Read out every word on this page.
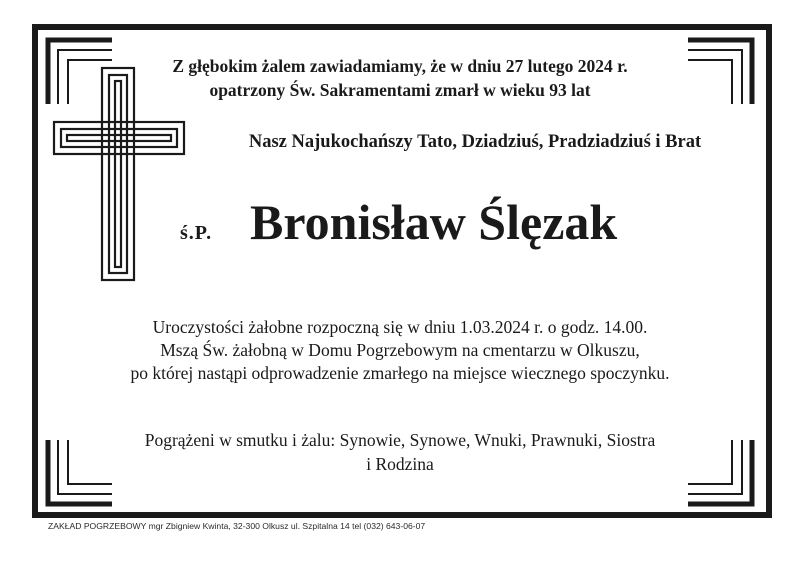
Z głębokim żalem zawiadamiamy, że w dniu 27 lutego 2024 r.
opatrzony Św. Sakramentami zmarł w wieku 93 lat
Nasz Najukochańszy Tato, Dziadziuś, Pradziadziuś i Brat
ś.P. Bronisław Ślęzak
Uroczystości żałobne rozpoczną się w dniu 1.03.2024 r. o godz. 14.00.
Mszą Św. żałobną w Domu Pogrzebowym na cmentarzu w Olkuszu,
po której nastąpi odprowadzenie zmarłego na miejsce wiecznego spoczynku.
Pogrążeni w smutku i żalu: Synowie, Synowe, Wnuki, Prawnuki, Siostra
i Rodzina
ZAKŁAD POGRZEBOWY mgr Zbigniew Kwinta, 32-300 Olkusz ul. Szpitalna 14 tel (032) 643-06-07
